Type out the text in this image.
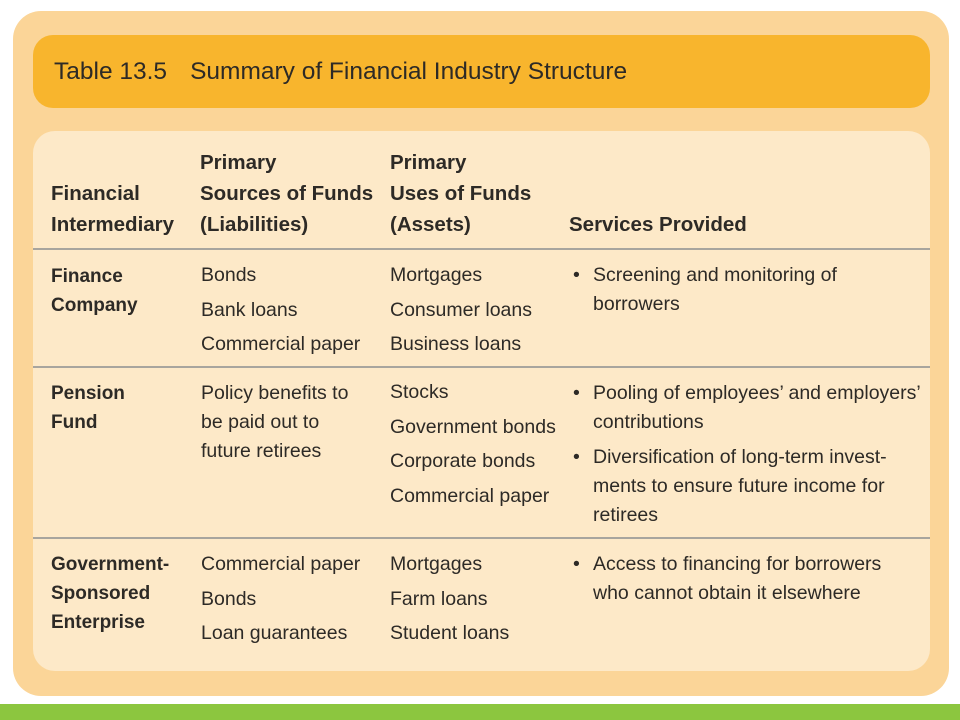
Table 13.5 Summary of Financial Industry Structure
Financial
Intermediary
Primary
Sources of Funds
(Liabilities)
Primary
Uses of Funds
(Assets)	Services Provided
Finance
Company
Bonds
Bank loans
Commercial paper
Mortgages
Consumer loans
Business loans
• Screening and monitoring of
borrowers
Pension
Fund
Policy benefits to
be paid out to
future retirees
Stocks
Government bonds
Corporate bonds
Commercial paper
• Pooling of employees’ and employers’
contributions
• Diversification of long-term invest-
ments to ensure future income for
retirees
Government-
Sponsored
Enterprise
Commercial paper
Bonds
Loan guarantees
Mortgages
Farm loans
Student loans
• Access to financing for borrowers
who cannot obtain it elsewhere
